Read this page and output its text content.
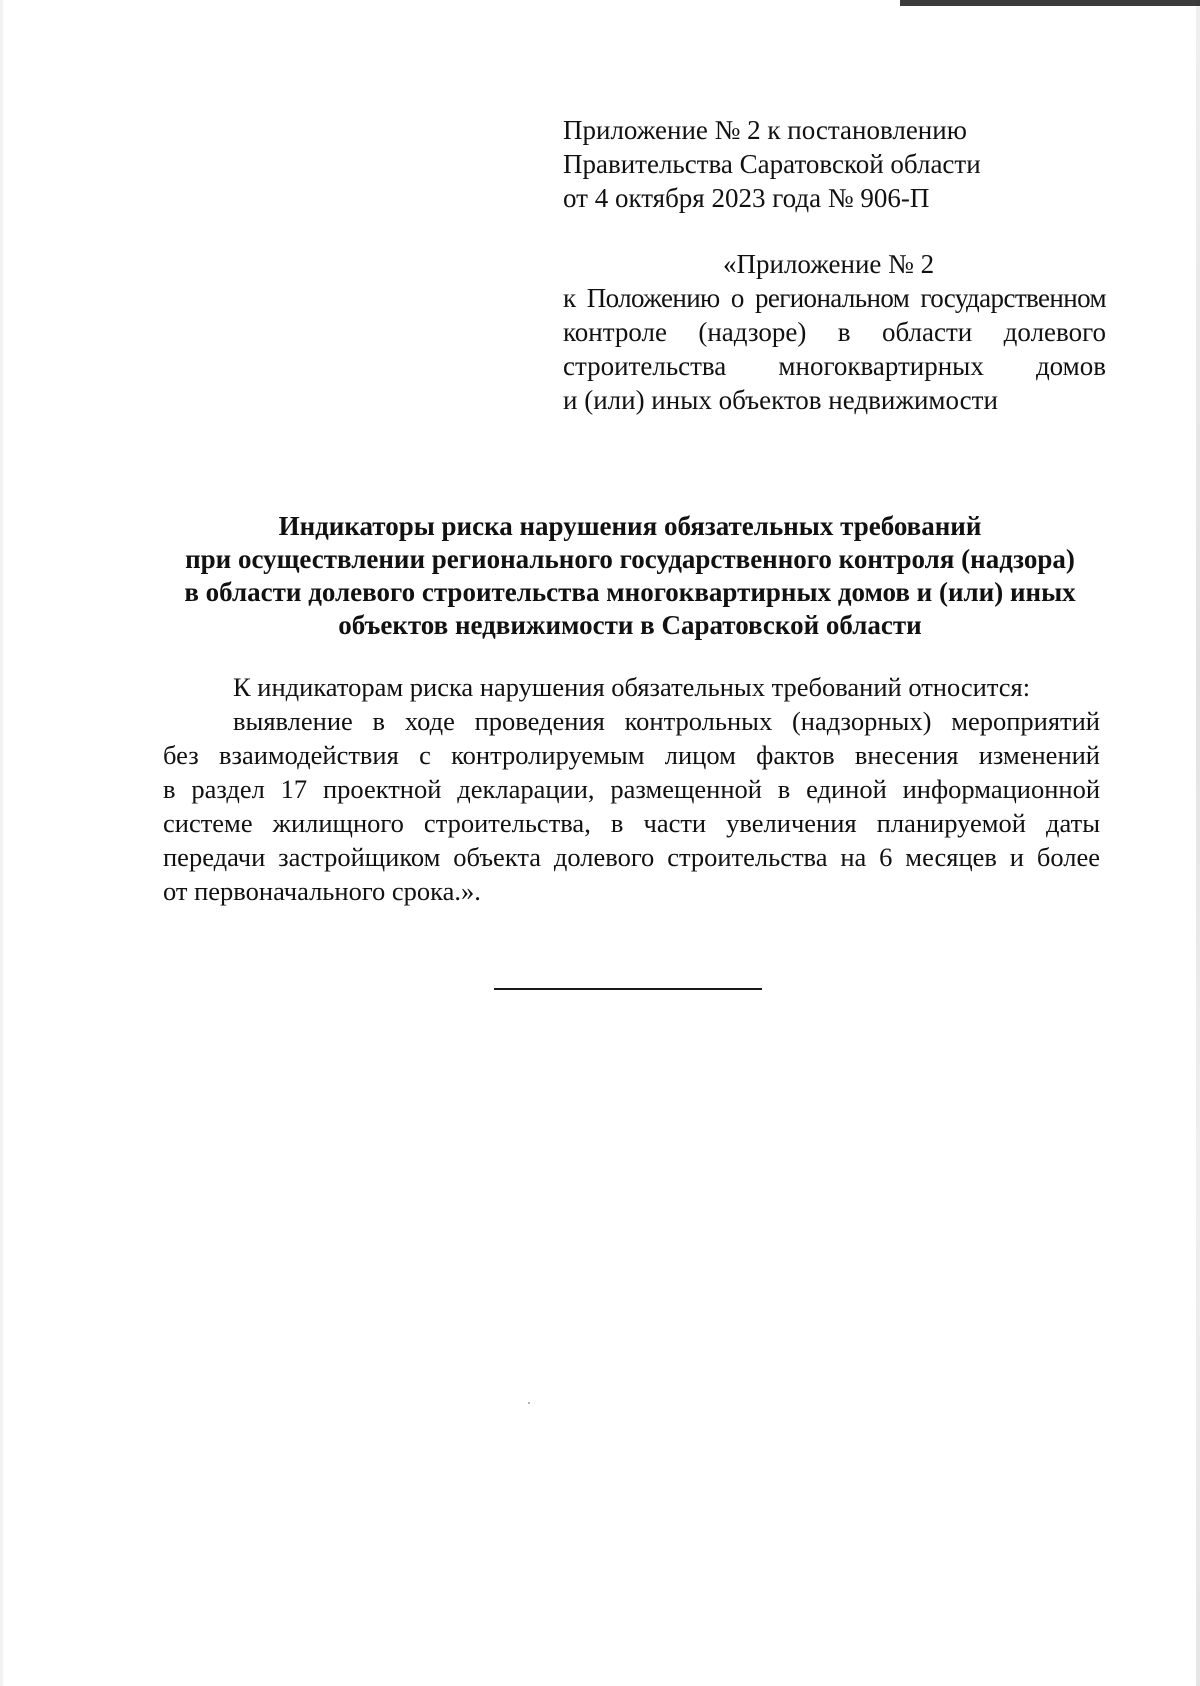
Приложение № 2 к постановлению
Правительства Саратовской области
от 4 октября 2023 года № 906-П
«Приложение № 2
к Положению о региональном государственном
контроле (надзоре) в области долевого
строительства многоквартирных домов
и (или) иных объектов недвижимости
Индикаторы риска нарушения обязательных требований
при осуществлении регионального государственного контроля (надзора)
в области долевого строительства многоквартирных домов и (или) иных
объектов недвижимости в Саратовской области
К индикаторам риска нарушения обязательных требований относится:
выявление в ходе проведения контрольных (надзорных) мероприятий
без взаимодействия с контролируемым лицом фактов внесения изменений
в раздел 17 проектной декларации, размещенной в единой информационной
системе жилищного строительства, в части увеличения планируемой даты
передачи застройщиком объекта долевого строительства на 6 месяцев и более
от первоначального срока.».
